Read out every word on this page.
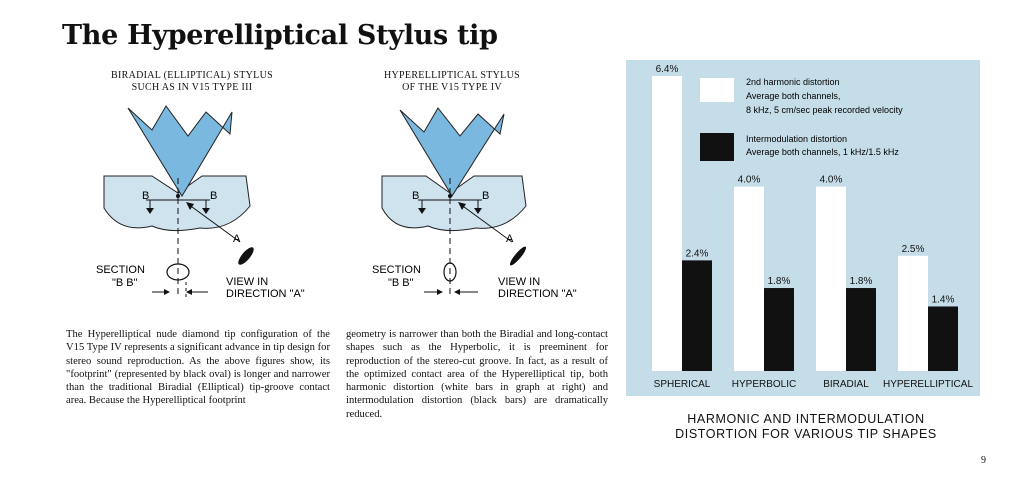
The Hyperelliptical Stylus tip
BIRADIAL (ELLIPTICAL) STYLUS
SUCH AS IN V15 TYPE III
HYPERELLIPTICAL STYLUS
OF THE V15 TYPE IV
B	B
A
SECTION
"B B"	VIEW IN
DIRECTION "A"
B	B
A
SECTION
"B B"	VIEW IN
DIRECTION "A"
The Hyperelliptical nude diamond tip configuration of the V15 Type IV represents a significant advance in tip design for stereo sound reproduction. As the above figures show, its "footprint" (represented by black oval) is longer and narrower than the traditional Biradial (Elliptical) tip-groove contact area. Because the Hyperelliptical footprint
geometry is narrower than both the Biradial and long-contact shapes such as the Hyperbolic, it is preeminent for reproduction of the stereo-cut groove. In fact, as a result of the optimized contact area of the Hyperelliptical tip, both harmonic distortion (white bars in graph at right) and intermodulation distortion (black bars) are dramatically reduced.
6.4%
2.4%
SPHERICAL
4.0%
1.8%
HYPERBOLIC
4.0%
1.8%
BIRADIAL
2.5%
1.4%
HYPERELLIPTICAL
2nd harmonic distortion
Average both channels,
8 kHz, 5 cm/sec peak recorded velocity
Intermodulation distortion
Average both channels, 1 kHz/1.5 kHz
HARMONIC AND INTERMODULATION
DISTORTION FOR VARIOUS TIP SHAPES
9
